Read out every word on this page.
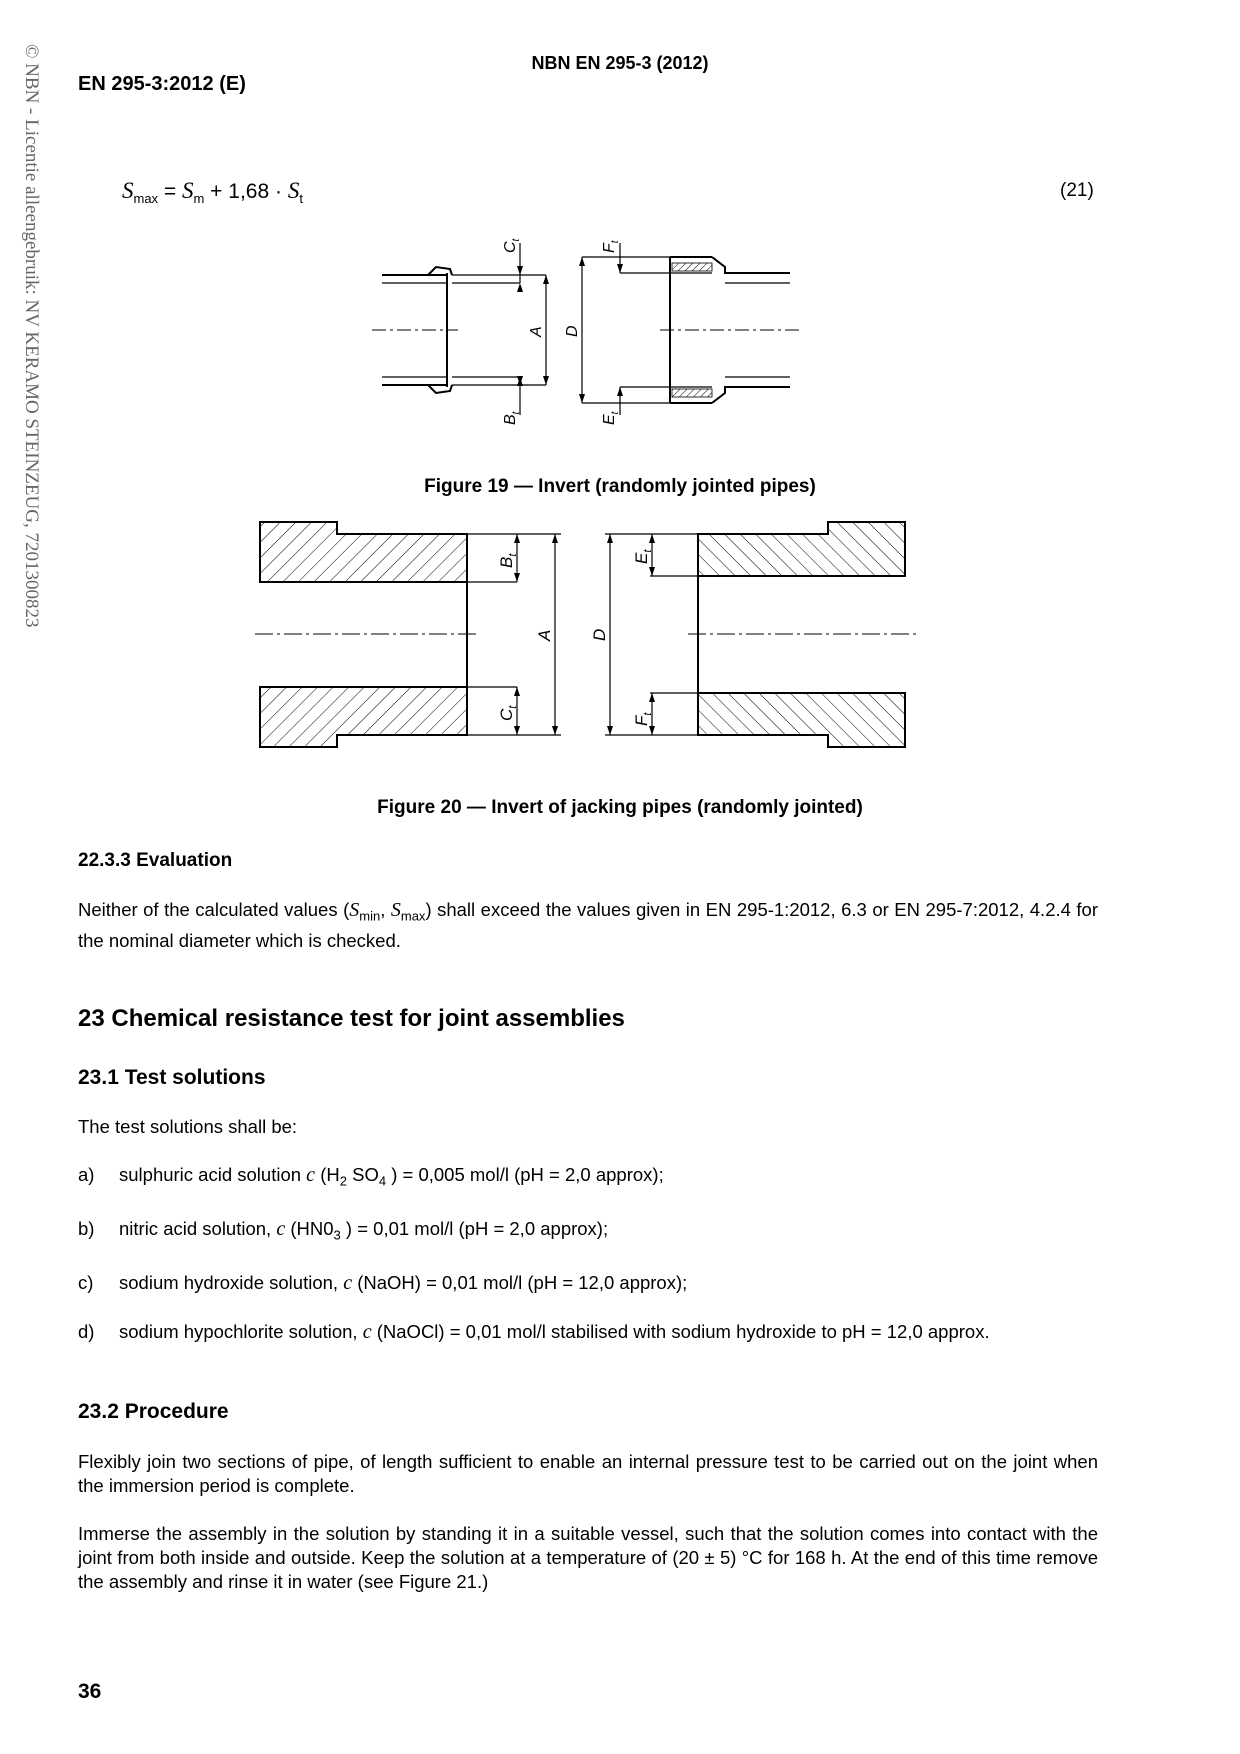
© NBN - Licentie alleengebruik: NV KERAMO STEINZEUG, 7201300823	NBN EN 295-3 (2012)
EN 295-3:2012 (E)
$S_{max} = S_m + 1,68 \cdot S_t$	(21)
$C_t$
$F_t$
A D
$B_t$
$E_t$
Figure 19 — Invert (randomly jointed pipes)
$B_t$
A
$C_t$
D
$E_t$
$F_t$
Figure 20 — Invert of jacking pipes (randomly jointed)
22.3.3 Evaluation
Neither of the calculated values ($S_{min}$, $S_{max}$) shall exceed the values given in EN 295-1:2012, 6.3 or EN 295-7:2012, 4.2.4 for the nominal diameter which is checked.
23 Chemical resistance test for joint assemblies
23.1 Test solutions
The test solutions shall be:
a) sulphuric acid solution c ($H_2$ $SO_4$ ) = 0,005 mol/l (pH = 2,0 approx);
b) nitric acid solution, c ($HN0_3$ ) = 0,01 mol/l (pH = 2,0 approx);
c) sodium hydroxide solution, c (NaOH) = 0,01 mol/l (pH = 12,0 approx);
d) sodium hypochlorite solution, c (NaOCl) = 0,01 mol/l stabilised with sodium hydroxide to pH = 12,0 approx.
23.2 Procedure
Flexibly join two sections of pipe, of length sufficient to enable an internal pressure test to be carried out on the joint when the immersion period is complete.
Immerse the assembly in the solution by standing it in a suitable vessel, such that the solution comes into contact with the joint from both inside and outside. Keep the solution at a temperature of (20 ± 5) °C for 168 h. At the end of this time remove the assembly and rinse it in water (see Figure 21.)
36
